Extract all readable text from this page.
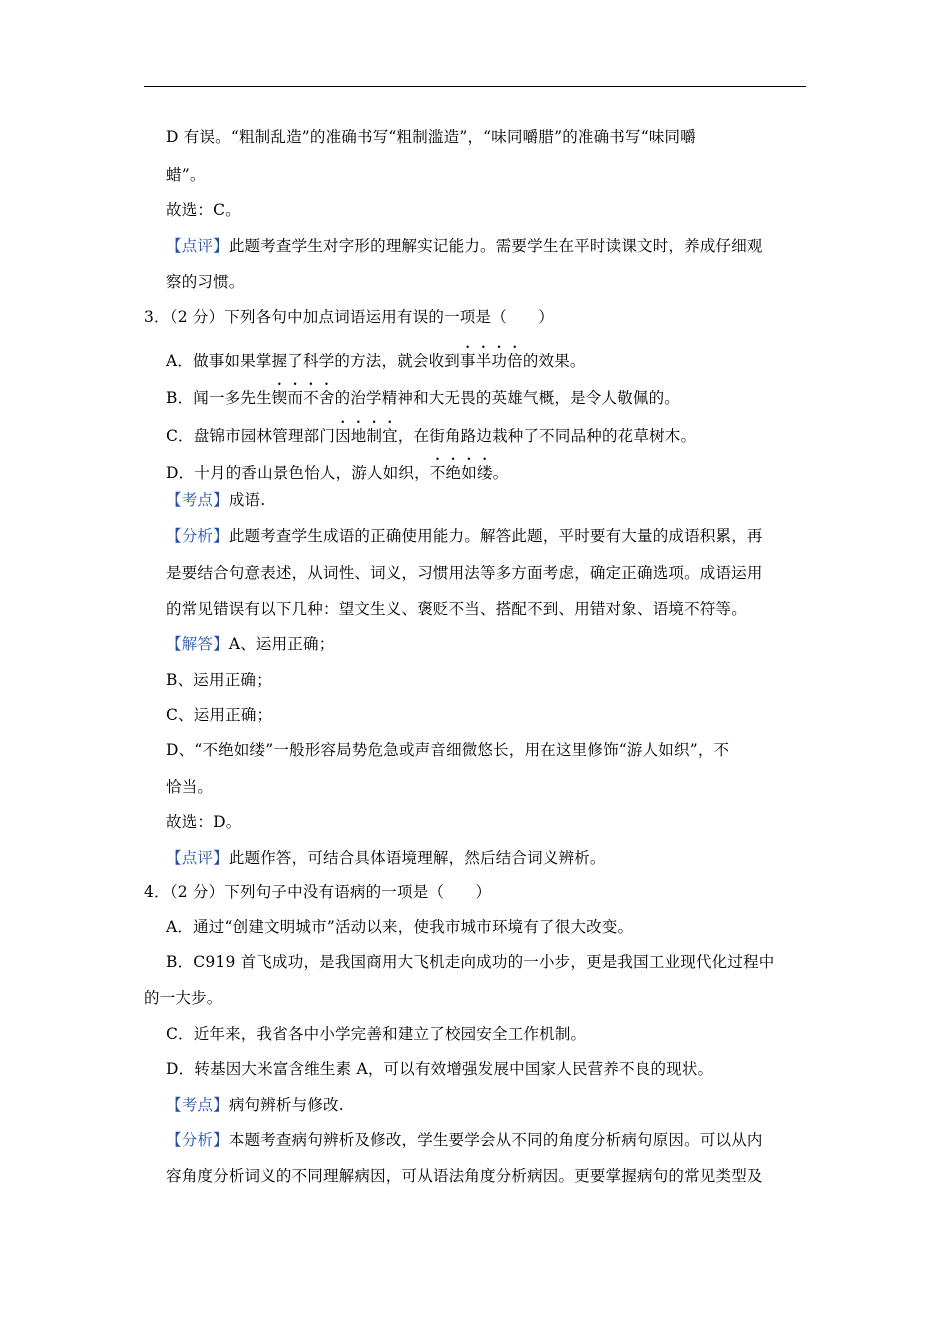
D 有误。“粗制乱造”的准确书写“粗制滥造”，“味同嚼腊”的准确书写“味同嚼
蜡”。
故选：C。
【点评】此题考查学生对字形的理解实记能力。需要学生在平时读课文时，养成仔细观
察的习惯。
3．（2 分）下列各句中加点词语运用有误的一项是（　　）
A．做事如果掌握了科学的方法，就会收到事半功倍的效果。
B．闻一多先生锲而不舍的治学精神和大无畏的英雄气概，是令人敬佩的。
C．盘锦市园林管理部门因地制宜，在街角路边栽种了不同品种的花草树木。
D．十月的香山景色怡人，游人如织，不绝如缕。
【考点】成语.
【分析】此题考查学生成语的正确使用能力。解答此题，平时要有大量的成语积累，再
是要结合句意表述，从词性、词义，习惯用法等多方面考虑，确定正确选项。成语运用
的常见错误有以下几种：望文生义、褒贬不当、搭配不到、用错对象、语境不符等。
【解答】A、运用正确；
B、运用正确；
C、运用正确；
D、“不绝如缕”一般形容局势危急或声音细微悠长，用在这里修饰“游人如织”，不
恰当。
故选：D。
【点评】此题作答，可结合具体语境理解，然后结合词义辨析。
4．（2 分）下列句子中没有语病的一项是（　　）
A．通过“创建文明城市”活动以来，使我市城市环境有了很大改变。
B．C919 首飞成功，是我国商用大飞机走向成功的一小步，更是我国工业现代化过程中
的一大步。
C．近年来，我省各中小学完善和建立了校园安全工作机制。
D．转基因大米富含维生素 A，可以有效增强发展中国家人民营养不良的现状。
【考点】病句辨析与修改.
【分析】本题考查病句辨析及修改，学生要学会从不同的角度分析病句原因。可以从内
容角度分析词义的不同理解病因，可从语法角度分析病因。更要掌握病句的常见类型及
